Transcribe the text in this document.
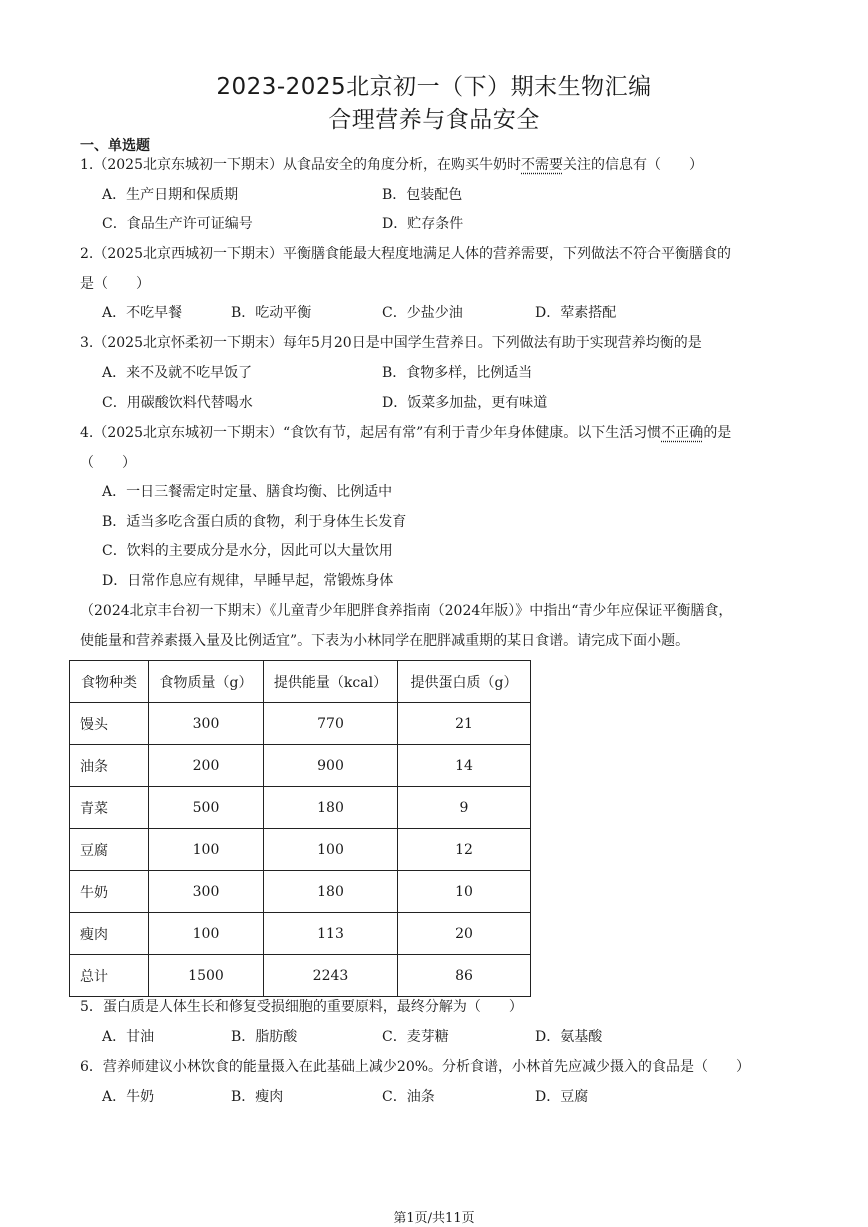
2023-2025北京初一（下）期末生物汇编
合理营养与食品安全
一、单选题
1.（2025北京东城初一下期末）从食品安全的角度分析，在购买牛奶时不需要关注的信息有（　　）
A．生产日期和保质期	B．包装配色
C．食品生产许可证编号	D．贮存条件
2.（2025北京西城初一下期末）平衡膳食能最大程度地满足人体的营养需要，下列做法不符合平衡膳食的
是（　　）
A．不吃早餐	B．吃动平衡	C．少盐少油	D．荤素搭配
3.（2025北京怀柔初一下期末）每年5月20日是中国学生营养日。下列做法有助于实现营养均衡的是
A．来不及就不吃早饭了	B．食物多样，比例适当
C．用碳酸饮料代替喝水	D．饭菜多加盐，更有味道
4.（2025北京东城初一下期末）“食饮有节，起居有常”有利于青少年身体健康。以下生活习惯不正确的是
（　　）
A．一日三餐需定时定量、膳食均衡、比例适中
B．适当多吃含蛋白质的食物，利于身体生长发育
C．饮料的主要成分是水分，因此可以大量饮用
D．日常作息应有规律，早睡早起，常锻炼身体
（2024北京丰台初一下期末）《儿童青少年肥胖食养指南（2024年版）》中指出“青少年应保证平衡膳食，
使能量和营养素摄入量及比例适宜”。下表为小林同学在肥胖减重期的某日食谱。请完成下面小题。
食物种类	食物质量（g）	提供能量（kcal）	提供蛋白质（g）
馒头	300	770	21
油条	200	900	14
青菜	500	180	9
豆腐	100	100	12
牛奶	300	180	10
瘦肉	100	113	20
总计	1500	2243	86
5．蛋白质是人体生长和修复受损细胞的重要原料，最终分解为（　　）
A．甘油	B．脂肪酸	C．麦芽糖	D．氨基酸
6．营养师建议小林饮食的能量摄入在此基础上减少20%。分析食谱，小林首先应减少摄入的食品是（　　）
A．牛奶	B．瘦肉	C．油条	D．豆腐
第1页/共11页
